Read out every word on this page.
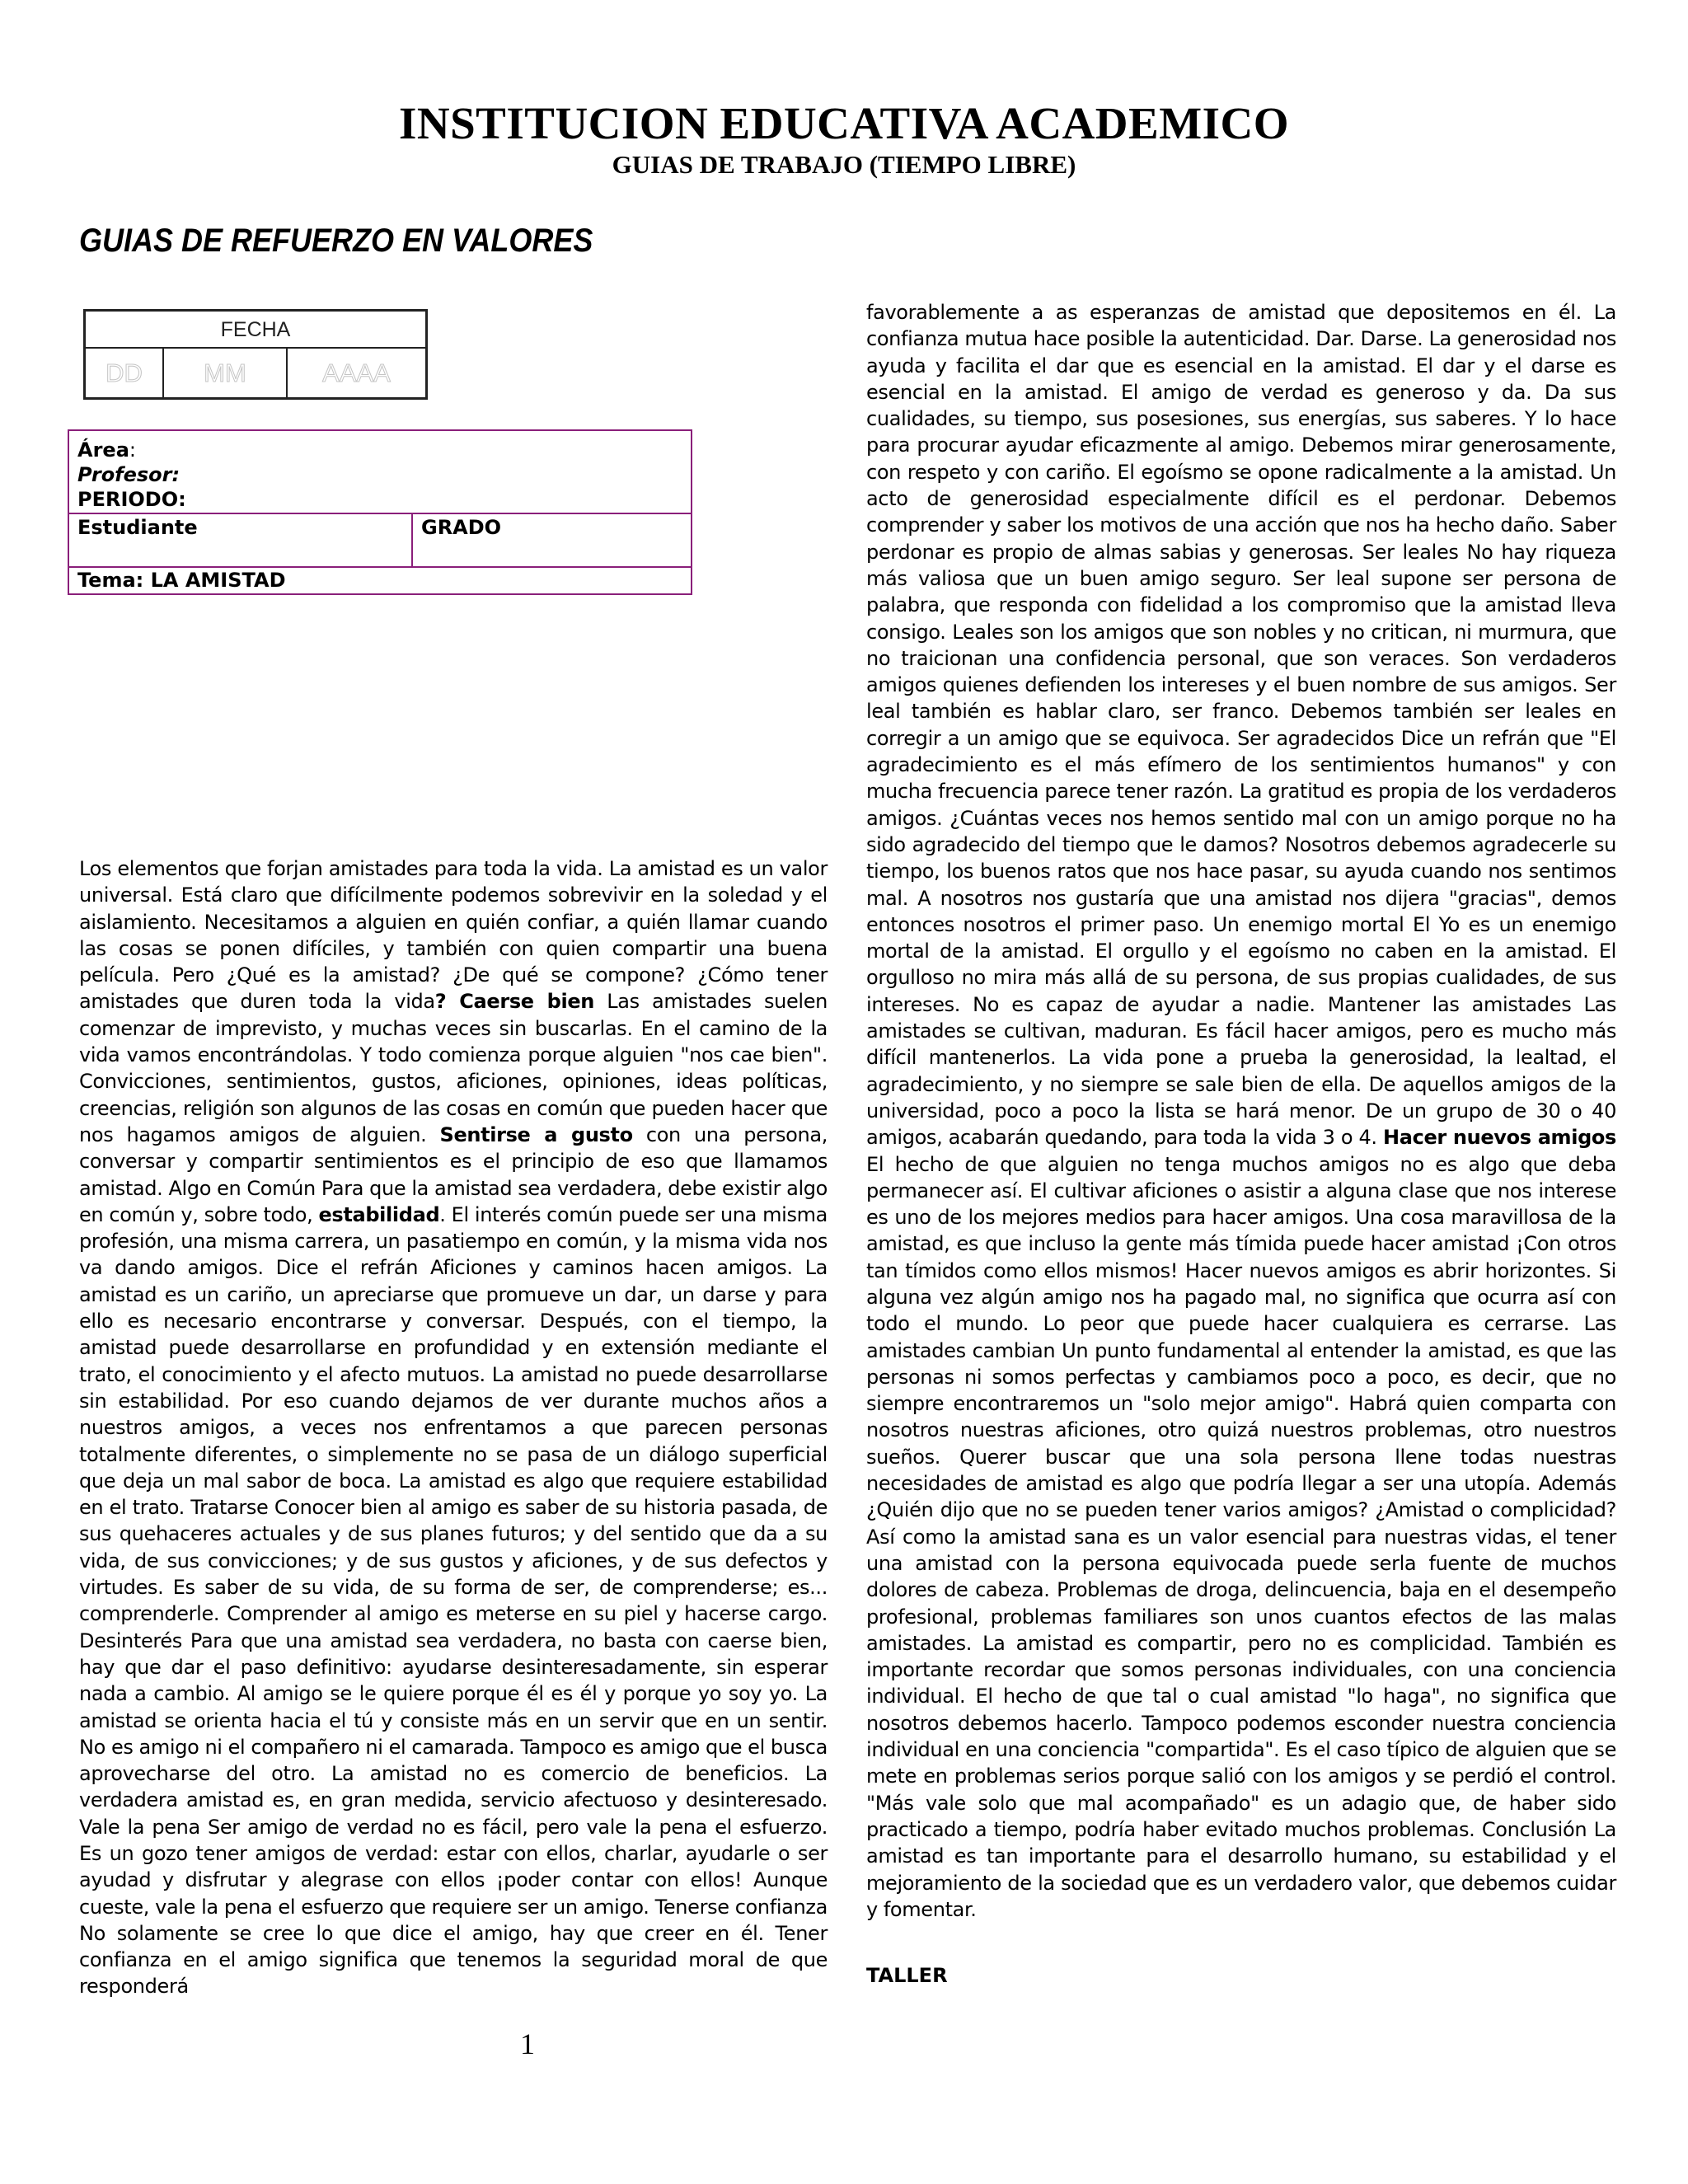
INSTITUCION EDUCATIVA ACADEMICO
GUIAS DE TRABAJO (TIEMPO LIBRE)
GUIAS DE REFUERZO EN VALORES
FECHA
DD	MM	AAAA
Área:
Profesor:
PERIODO:
Estudiante	GRADO
Tema: LA AMISTAD
Los elementos que forjan amistades para toda la vida. La amistad es un valor universal. Está claro que difícilmente podemos sobrevivir en la soledad y el aislamiento. Necesitamos a alguien en quién confiar, a quién llamar cuando las cosas se ponen difíciles, y también con quien compartir una buena película. Pero ¿Qué es la amistad? ¿De qué se compone? ¿Cómo tener amistades que duren toda la vida? Caerse bien Las amistades suelen comenzar de imprevisto, y muchas veces sin buscarlas. En el camino de la vida vamos encontrándolas. Y todo comienza porque alguien "nos cae bien". Convicciones, sentimientos, gustos, aficiones, opiniones, ideas políticas, creencias, religión son algunos de las cosas en común que pueden hacer que nos hagamos amigos de alguien. Sentirse a gusto con una persona, conversar y compartir sentimientos es el principio de eso que llamamos amistad. Algo en Común Para que la amistad sea verdadera, debe existir algo en común y, sobre todo, estabilidad. El interés común puede ser una misma profesión, una misma carrera, un pasatiempo en común, y la misma vida nos va dando amigos. Dice el refrán Aficiones y caminos hacen amigos. La amistad es un cariño, un apreciarse que promueve un dar, un darse y para ello es necesario encontrarse y conversar. Después, con el tiempo, la amistad puede desarrollarse en profundidad y en extensión mediante el trato, el conocimiento y el afecto mutuos. La amistad no puede desarrollarse sin estabilidad. Por eso cuando dejamos de ver durante muchos años a nuestros amigos, a veces nos enfrentamos a que parecen personas totalmente diferentes, o simplemente no se pasa de un diálogo superficial que deja un mal sabor de boca. La amistad es algo que requiere estabilidad en el trato. Tratarse Conocer bien al amigo es saber de su historia pasada, de sus quehaceres actuales y de sus planes futuros; y del sentido que da a su vida, de sus convicciones; y de sus gustos y aficiones, y de sus defectos y virtudes. Es saber de su vida, de su forma de ser, de comprenderse; es... comprenderle. Comprender al amigo es meterse en su piel y hacerse cargo. Desinterés Para que una amistad sea verdadera, no basta con caerse bien, hay que dar el paso definitivo: ayudarse desinteresadamente, sin esperar nada a cambio. Al amigo se le quiere porque él es él y porque yo soy yo. La amistad se orienta hacia el tú y consiste más en un servir que en un sentir. No es amigo ni el compañero ni el camarada. Tampoco es amigo que el busca aprovecharse del otro. La amistad no es comercio de beneficios. La verdadera amistad es, en gran medida, servicio afectuoso y desinteresado. Vale la pena Ser amigo de verdad no es fácil, pero vale la pena el esfuerzo. Es un gozo tener amigos de verdad: estar con ellos, charlar, ayudarle o ser ayudad y disfrutar y alegrase con ellos ¡poder contar con ellos! Aunque cueste, vale la pena el esfuerzo que requiere ser un amigo. Tenerse confianza No solamente se cree lo que dice el amigo, hay que creer en él. Tener confianza en el amigo significa que tenemos la seguridad moral de que responderá
favorablemente a as esperanzas de amistad que depositemos en él. La confianza mutua hace posible la autenticidad. Dar. Darse. La generosidad nos ayuda y facilita el dar que es esencial en la amistad. El dar y el darse es esencial en la amistad. El amigo de verdad es generoso y da. Da sus cualidades, su tiempo, sus posesiones, sus energías, sus saberes. Y lo hace para procurar ayudar eficazmente al amigo. Debemos mirar generosamente, con respeto y con cariño. El egoísmo se opone radicalmente a la amistad. Un acto de generosidad especialmente difícil es el perdonar. Debemos comprender y saber los motivos de una acción que nos ha hecho daño. Saber perdonar es propio de almas sabias y generosas. Ser leales No hay riqueza más valiosa que un buen amigo seguro. Ser leal supone ser persona de palabra, que responda con fidelidad a los compromiso que la amistad lleva consigo. Leales son los amigos que son nobles y no critican, ni murmura, que no traicionan una confidencia personal, que son veraces. Son verdaderos amigos quienes defienden los intereses y el buen nombre de sus amigos. Ser leal también es hablar claro, ser franco. Debemos también ser leales en corregir a un amigo que se equivoca. Ser agradecidos Dice un refrán que "El agradecimiento es el más efímero de los sentimientos humanos" y con mucha frecuencia parece tener razón. La gratitud es propia de los verdaderos amigos. ¿Cuántas veces nos hemos sentido mal con un amigo porque no ha sido agradecido del tiempo que le damos? Nosotros debemos agradecerle su tiempo, los buenos ratos que nos hace pasar, su ayuda cuando nos sentimos mal. A nosotros nos gustaría que una amistad nos dijera "gracias", demos entonces nosotros el primer paso. Un enemigo mortal El Yo es un enemigo mortal de la amistad. El orgullo y el egoísmo no caben en la amistad. El orgulloso no mira más allá de su persona, de sus propias cualidades, de sus intereses. No es capaz de ayudar a nadie. Mantener las amistades Las amistades se cultivan, maduran. Es fácil hacer amigos, pero es mucho más difícil mantenerlos. La vida pone a prueba la generosidad, la lealtad, el agradecimiento, y no siempre se sale bien de ella. De aquellos amigos de la universidad, poco a poco la lista se hará menor. De un grupo de 30 o 40 amigos, acabarán quedando, para toda la vida 3 o 4. Hacer nuevos amigos El hecho de que alguien no tenga muchos amigos no es algo que deba permanecer así. El cultivar aficiones o asistir a alguna clase que nos interese es uno de los mejores medios para hacer amigos. Una cosa maravillosa de la amistad, es que incluso la gente más tímida puede hacer amistad ¡Con otros tan tímidos como ellos mismos! Hacer nuevos amigos es abrir horizontes. Si alguna vez algún amigo nos ha pagado mal, no significa que ocurra así con todo el mundo. Lo peor que puede hacer cualquiera es cerrarse. Las amistades cambian Un punto fundamental al entender la amistad, es que las personas ni somos perfectas y cambiamos poco a poco, es decir, que no siempre encontraremos un "solo mejor amigo". Habrá quien comparta con nosotros nuestras aficiones, otro quizá nuestros problemas, otro nuestros sueños. Querer buscar que una sola persona llene todas nuestras necesidades de amistad es algo que podría llegar a ser una utopía. Además ¿Quién dijo que no se pueden tener varios amigos? ¿Amistad o complicidad? Así como la amistad sana es un valor esencial para nuestras vidas, el tener una amistad con la persona equivocada puede serla fuente de muchos dolores de cabeza. Problemas de droga, delincuencia, baja en el desempeño profesional, problemas familiares son unos cuantos efectos de las malas amistades. La amistad es compartir, pero no es complicidad. También es importante recordar que somos personas individuales, con una conciencia individual. El hecho de que tal o cual amistad "lo haga", no significa que nosotros debemos hacerlo. Tampoco podemos esconder nuestra conciencia individual en una conciencia "compartida". Es el caso típico de alguien que se mete en problemas serios porque salió con los amigos y se perdió el control. "Más vale solo que mal acompañado" es un adagio que, de haber sido practicado a tiempo, podría haber evitado muchos problemas. Conclusión La amistad es tan importante para el desarrollo humano, su estabilidad y el mejoramiento de la sociedad que es un verdadero valor, que debemos cuidar y fomentar.
TALLER
1
